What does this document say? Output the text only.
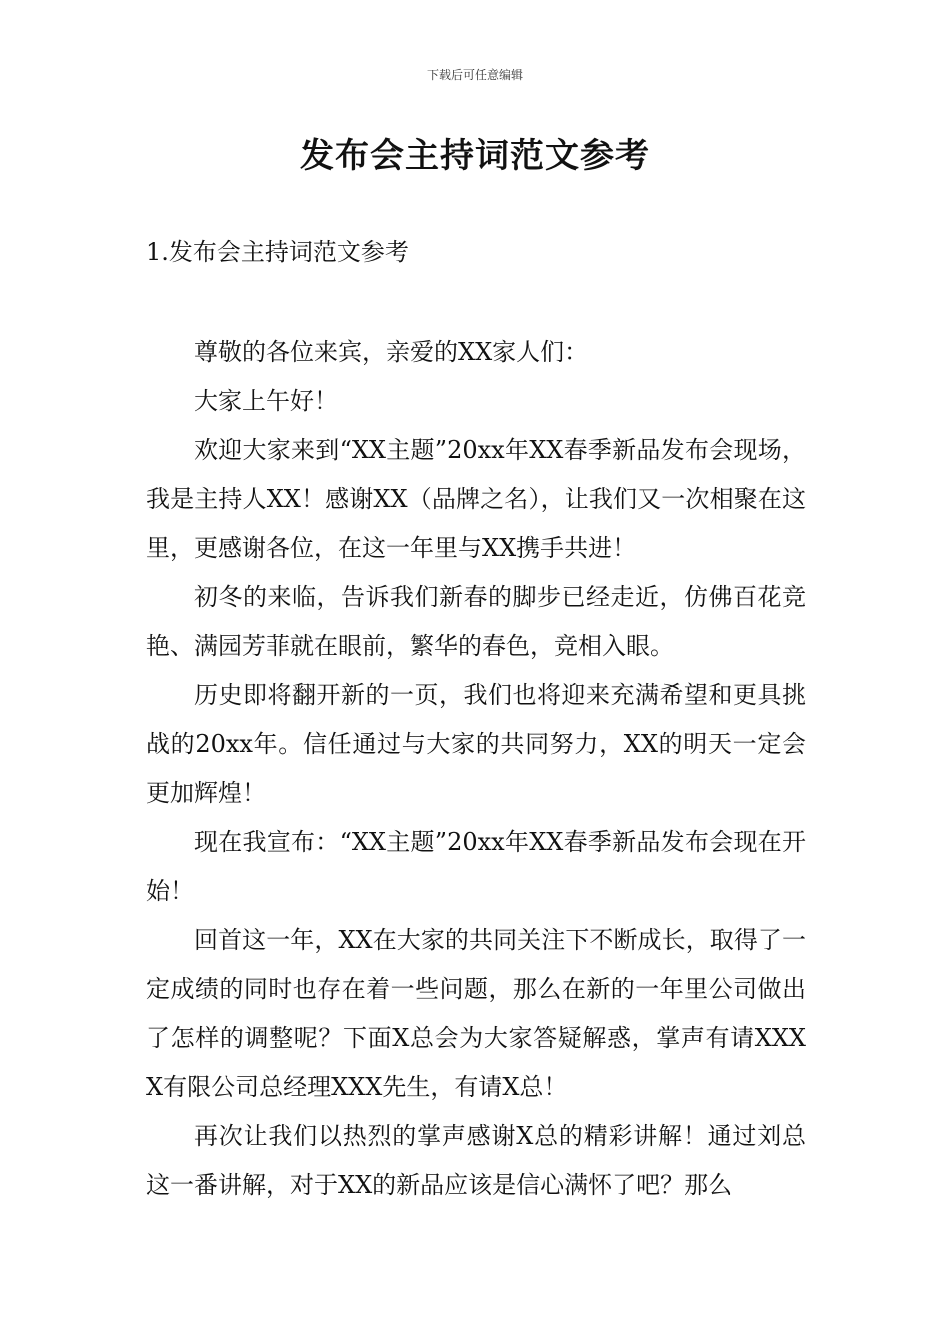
下载后可任意编辑
发布会主持词范文参考
1.发布会主持词范文参考

尊敬的各位来宾，亲爱的XX家人们：

大家上午好！

欢迎大家来到“XX主题”20xx年XX春季新品发布会现场，我是主持人XX！感谢XX（品牌之名），让我们又一次相聚在这里，更感谢各位，在这一年里与XX携手共进！

初冬的来临，告诉我们新春的脚步已经走近，仿佛百花竞艳、满园芳菲就在眼前，繁华的春色，竞相入眼。

历史即将翻开新的一页，我们也将迎来充满希望和更具挑战的20xx年。信任通过与大家的共同努力，XX的明天一定会更加辉煌！

现在我宣布：“XX主题”20xx年XX春季新品发布会现在开始！

回首这一年，XX在大家的共同关注下不断成长，取得了一定成绩的同时也存在着一些问题，那么在新的一年里公司做出了怎样的调整呢？下面X总会为大家答疑解惑，掌声有请XXXX有限公司总经理XXX先生，有请X总！

再次让我们以热烈的掌声感谢X总的精彩讲解！通过刘总这一番讲解，对于XX的新品应该是信心满怀了吧？那么
